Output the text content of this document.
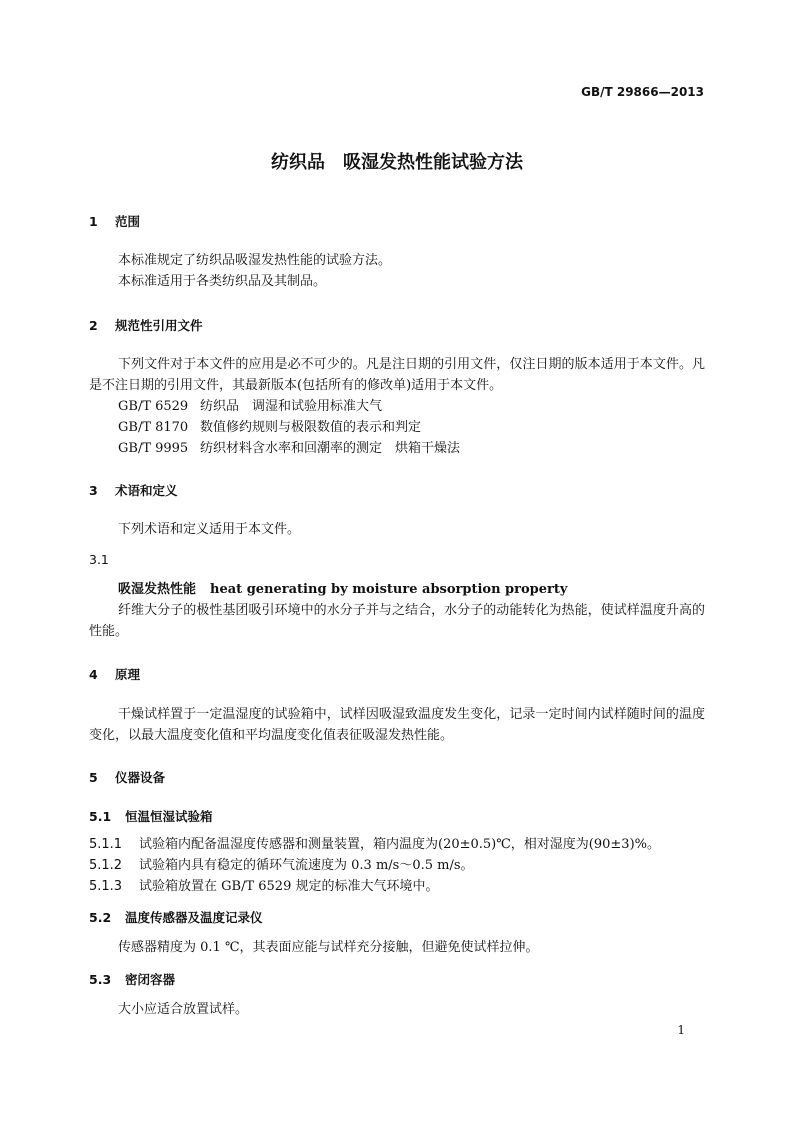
GB/T 29866—2013
纺织品　吸湿发热性能试验方法
1 范围
本标准规定了纺织品吸湿发热性能的试验方法。
本标准适用于各类纺织品及其制品。
2 规范性引用文件
下列文件对于本文件的应用是必不可少的。凡是注日期的引用文件，仅注日期的版本适用于本文件。凡是不注日期的引用文件，其最新版本(包括所有的修改单)适用于本文件。
GB/T 6529 纺织品　调湿和试验用标准大气
GB/T 8170 数值修约规则与极限数值的表示和判定
GB/T 9995 纺织材料含水率和回潮率的测定　烘箱干燥法
3 术语和定义
下列术语和定义适用于本文件。
3.1
吸湿发热性能 heat generating by moisture absorption property
纤维大分子的极性基团吸引环境中的水分子并与之结合，水分子的动能转化为热能，使试样温度升高的性能。
4 原理
干燥试样置于一定温湿度的试验箱中，试样因吸湿致温度发生变化，记录一定时间内试样随时间的温度变化，以最大温度变化值和平均温度变化值表征吸湿发热性能。
5 仪器设备
5.1 恒温恒湿试验箱
5.1.1 试验箱内配备温湿度传感器和测量装置，箱内温度为(20±0.5)℃，相对湿度为(90±3)%。
5.1.2 试验箱内具有稳定的循环气流速度为 0.3 m/s～0.5 m/s。
5.1.3 试验箱放置在 GB/T 6529 规定的标准大气环境中。
5.2 温度传感器及温度记录仪
传感器精度为 0.1 ℃，其表面应能与试样充分接触，但避免使试样拉伸。
5.3 密闭容器
大小应适合放置试样。
1
